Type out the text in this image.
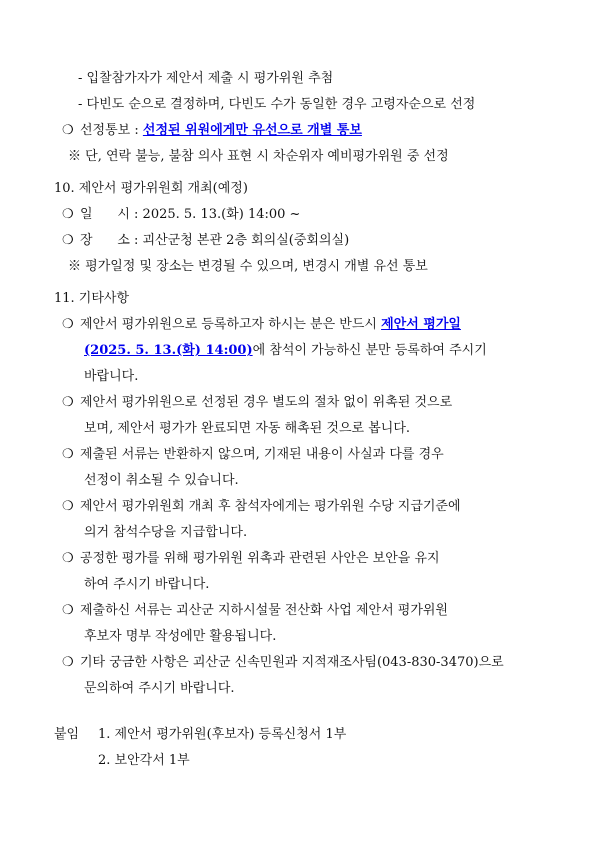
- 입찰참가자가 제안서 제출 시 평가위원 추첨
- 다빈도 순으로 결정하며, 다빈도 수가 동일한 경우 고령자순으로 선정
❍ 선정통보 : 선정된 위원에게만 유선으로 개별 통보
※ 단, 연락 불능, 불참 의사 표현 시 차순위자 예비평가위원 중 선정
10. 제안서 평가위원회 개최(예정)
❍ 일      시 : 2025. 5. 13.(화) 14:00 ~
❍ 장      소 : 괴산군청 본관 2층 회의실(중회의실)
※ 평가일정 및 장소는 변경될 수 있으며, 변경시 개별 유선 통보
11. 기타사항
❍ 제안서 평가위원으로 등록하고자 하시는 분은 반드시 제안서 평가일
(2025. 5. 13.(화) 14:00)에 참석이 가능하신 분만 등록하여 주시기
바랍니다.
❍ 제안서 평가위원으로 선정된 경우 별도의 절차 없이 위촉된 것으로
보며, 제안서 평가가 완료되면 자동 해촉된 것으로 봅니다.
❍ 제출된 서류는 반환하지 않으며, 기재된 내용이 사실과 다를 경우
선정이 취소될 수 있습니다.
❍ 제안서 평가위원회 개최 후 참석자에게는 평가위원 수당 지급기준에
의거 참석수당을 지급합니다.
❍ 공정한 평가를 위해 평가위원 위촉과 관련된 사안은 보안을 유지
하여 주시기 바랍니다.
❍ 제출하신 서류는 괴산군 지하시설물 전산화 사업 제안서 평가위원
후보자 명부 작성에만 활용됩니다.
❍ 기타 궁금한 사항은 괴산군 신속민원과 지적재조사팀(043-830-3470)으로
문의하여 주시기 바랍니다.
붙임 1. 제안서 평가위원(후보자) 등록신청서 1부
2. 보안각서 1부
